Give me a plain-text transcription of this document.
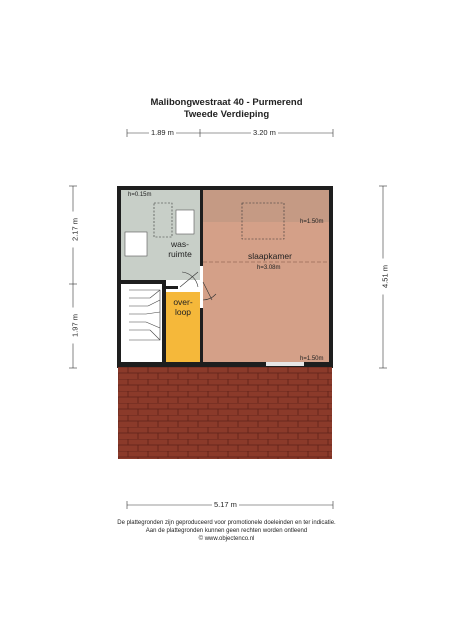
Malibongwestraat 40 - Purmerend
Tweede Verdieping
1.89 m	3.20 m
5.17 m
2.17 m
1.97 m
4.51 m
h=0.15m
h=1.50m
h=3.08m
h=1.50m
was-
ruimte
over-
loop
slaapkamer
De plattegronden zijn geproduceerd voor promotionele doeleinden en ter indicatie.
Aan de plattegronden kunnen geen rechten worden ontleend
© www.objectenco.nl
